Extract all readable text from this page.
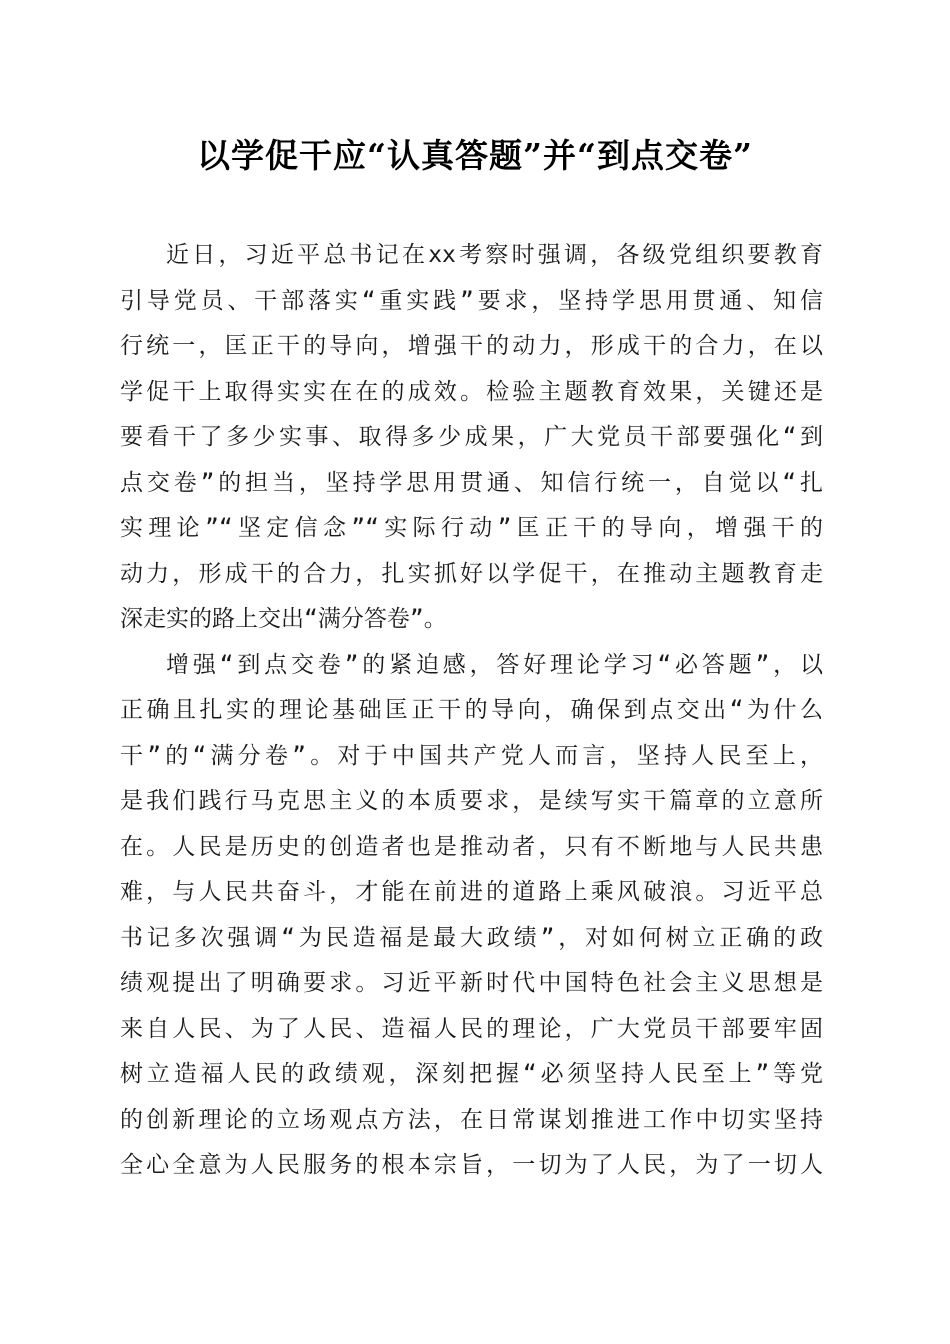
以学促干应“认真答题”并“到点交卷”
近日，习近平总书记在xx考察时强调，各级党组织要教育
引导党员、干部落实“重实践”要求，坚持学思用贯通、知信
行统一，匡正干的导向，增强干的动力，形成干的合力，在以
学促干上取得实实在在的成效。检验主题教育效果，关键还是
要看干了多少实事、取得多少成果，广大党员干部要强化“到
点交卷”的担当，坚持学思用贯通、知信行统一，自觉以“扎
实理论”“坚定信念”“实际行动”匡正干的导向，增强干的
动力，形成干的合力，扎实抓好以学促干，在推动主题教育走
深走实的路上交出“满分答卷”。
增强“到点交卷”的紧迫感，答好理论学习“必答题”，以
正确且扎实的理论基础匡正干的导向，确保到点交出“为什么
干”的“满分卷”。对于中国共产党人而言，坚持人民至上，
是我们践行马克思主义的本质要求，是续写实干篇章的立意所
在。人民是历史的创造者也是推动者，只有不断地与人民共患
难，与人民共奋斗，才能在前进的道路上乘风破浪。习近平总
书记多次强调“为民造福是最大政绩”，对如何树立正确的政
绩观提出了明确要求。习近平新时代中国特色社会主义思想是
来自人民、为了人民、造福人民的理论，广大党员干部要牢固
树立造福人民的政绩观，深刻把握“必须坚持人民至上”等党
的创新理论的立场观点方法，在日常谋划推进工作中切实坚持
全心全意为人民服务的根本宗旨，一切为了人民，为了一切人
